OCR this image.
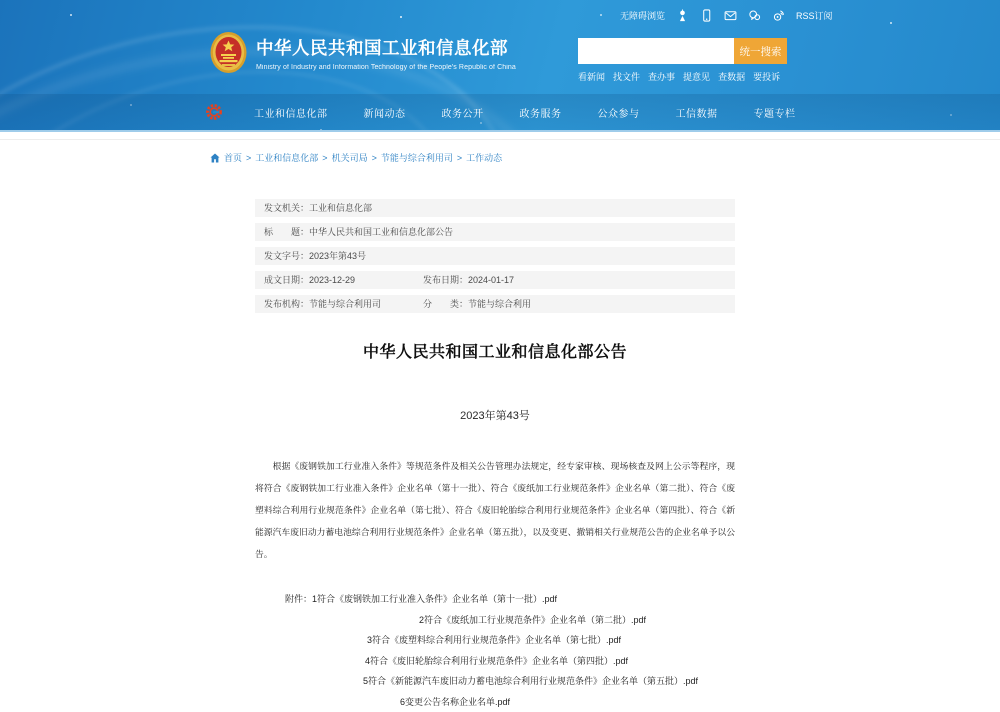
无障碍浏览	RSS订阅
中华人民共和国工业和信息化部
Ministry of Industry and Information Technology of the People's Republic of China
统一搜索
看新闻 找文件 查办事 提意见 查数据 要投诉
工业和信息化部	新闻动态	政务公开	政务服务	公众参与	工信数据	专题专栏
首页 > 工业和信息化部 > 机关司局 > 节能与综合利用司 > 工作动态
发文机关：工业和信息化部
标　　题：中华人民共和国工业和信息化部公告
发文字号：2023年第43号
成文日期：2023-12-29	发布日期：2024-01-17
发布机构：节能与综合利用司	分　　类：节能与综合利用
中华人民共和国工业和信息化部公告
2023年第43号

根据《废钢铁加工行业准入条件》等规范条件及相关公告管理办法规定，经专家审核、现场核查及网上公示等程序，现将符合《废钢铁加工行业准入条件》企业名单（第十一批）、符合《废纸加工行业规范条件》企业名单（第二批）、符合《废塑料综合利用行业规范条件》企业名单（第七批）、符合《废旧轮胎综合利用行业规范条件》企业名单（第四批）、符合《新能源汽车废旧动力蓄电池综合利用行业规范条件》企业名单（第五批），以及变更、撤销相关行业规范公告的企业名单予以公告。

附件：1符合《废钢铁加工行业准入条件》企业名单（第十一批）.pdf
2符合《废纸加工行业规范条件》企业名单（第二批）.pdf
3符合《废塑料综合利用行业规范条件》企业名单（第七批）.pdf
4符合《废旧轮胎综合利用行业规范条件》企业名单（第四批）.pdf
5符合《新能源汽车废旧动力蓄电池综合利用行业规范条件》企业名单（第五批）.pdf
6变更公告名称企业名单.pdf
